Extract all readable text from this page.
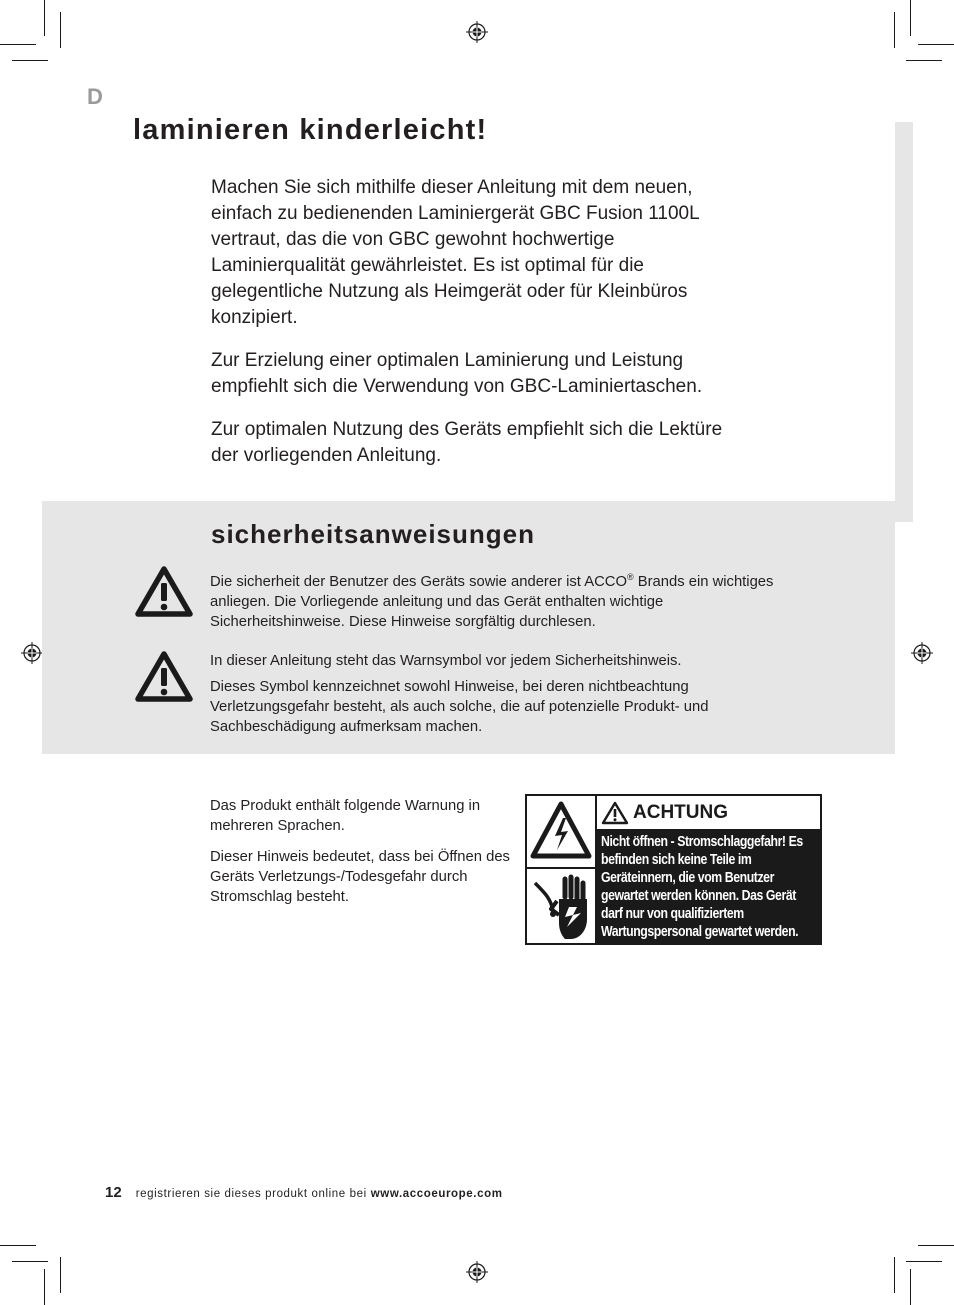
D
laminieren kinderleicht!

Machen Sie sich mithilfe dieser Anleitung mit dem neuen, einfach zu bedienenden Laminiergerät GBC Fusion 1100L vertraut, das die von GBC gewohnt hochwertige Laminierqualität gewährleistet. Es ist optimal für die gelegentliche Nutzung als Heimgerät oder für Kleinbüros konzipiert.

Zur Erzielung einer optimalen Laminierung und Leistung empfiehlt sich die Verwendung von GBC-Laminiertaschen.

Zur optimalen Nutzung des Geräts empfiehlt sich die Lektüre der vorliegenden Anleitung.

sicherheitsanweisungen

Die sicherheit der Benutzer des Geräts sowie anderer ist ACCO® Brands ein wichtiges anliegen. Die Vorliegende anleitung und das Gerät enthalten wichtige Sicherheitshinweise. Diese Hinweise sorgfältig durchlesen.

In dieser Anleitung steht das Warnsymbol vor jedem Sicherheitshinweis.

Dieses Symbol kennzeichnet sowohl Hinweise, bei deren nichtbeachtung Verletzungsgefahr besteht, als auch solche, die auf potenzielle Produkt- und Sachbeschädigung aufmerksam machen.

Das Produkt enthält folgende Warnung in mehreren Sprachen.

Dieser Hinweis bedeutet, dass bei Öffnen des Geräts Verletzungs-/Todesgefahr durch Stromschlag besteht.

ACHTUNG
Nicht öffnen - Stromschlaggefahr! Es befinden sich keine Teile im Geräteinnern, die vom Benutzer gewartet werden können. Das Gerät darf nur von qualifiziertem Wartungspersonal gewartet werden.
12 registrieren sie dieses produkt online bei www.accoeurope.com
